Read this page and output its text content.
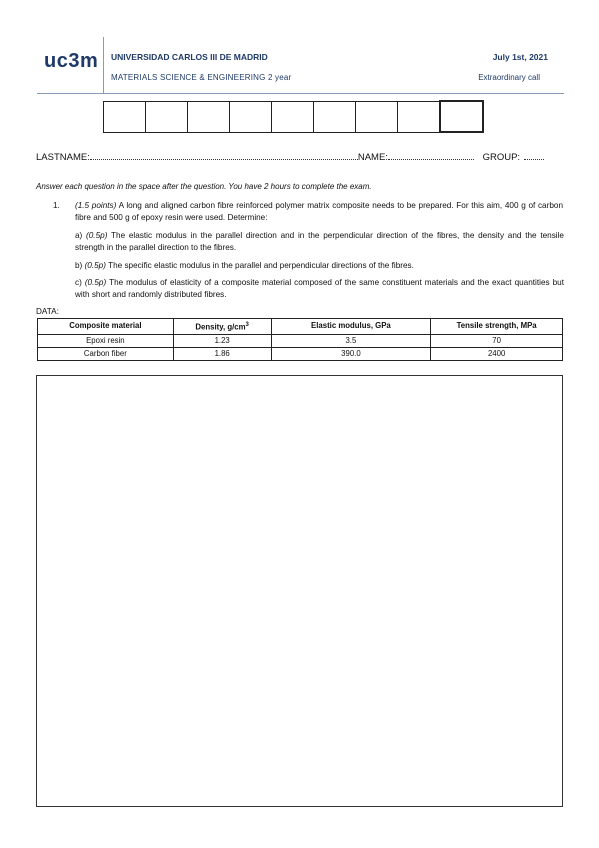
uc3m UNIVERSIDAD CARLOS III DE MADRID
MATERIALS SCIENCE & ENGINEERING 2 year
July 1st, 2021
Extraordinary call
LASTNAME:	NAME:	GROUP:
Answer each question in the space after the question. You have 2 hours to complete the exam.
1. (1.5 points) A long and aligned carbon fibre reinforced polymer matrix composite needs to be prepared. For this aim, 400 g of carbon fibre and 500 g of epoxy resin were used. Determine:
a) (0.5p) The elastic modulus in the parallel direction and in the perpendicular direction of the fibres, the density and the tensile strength in the parallel direction to the fibres.
b) (0.5p) The specific elastic modulus in the parallel and perpendicular directions of the fibres.
c) (0.5p) The modulus of elasticity of a composite material composed of the same constituent materials and the exact quantities but with short and randomly distributed fibres.
DATA:
Composite material	Density, $g/cm^3$	Elastic modulus, GPa	Tensile strength, MPa
Epoxi resin	1.23	3.5	70
Carbon fiber	1.86	390.0	2400
